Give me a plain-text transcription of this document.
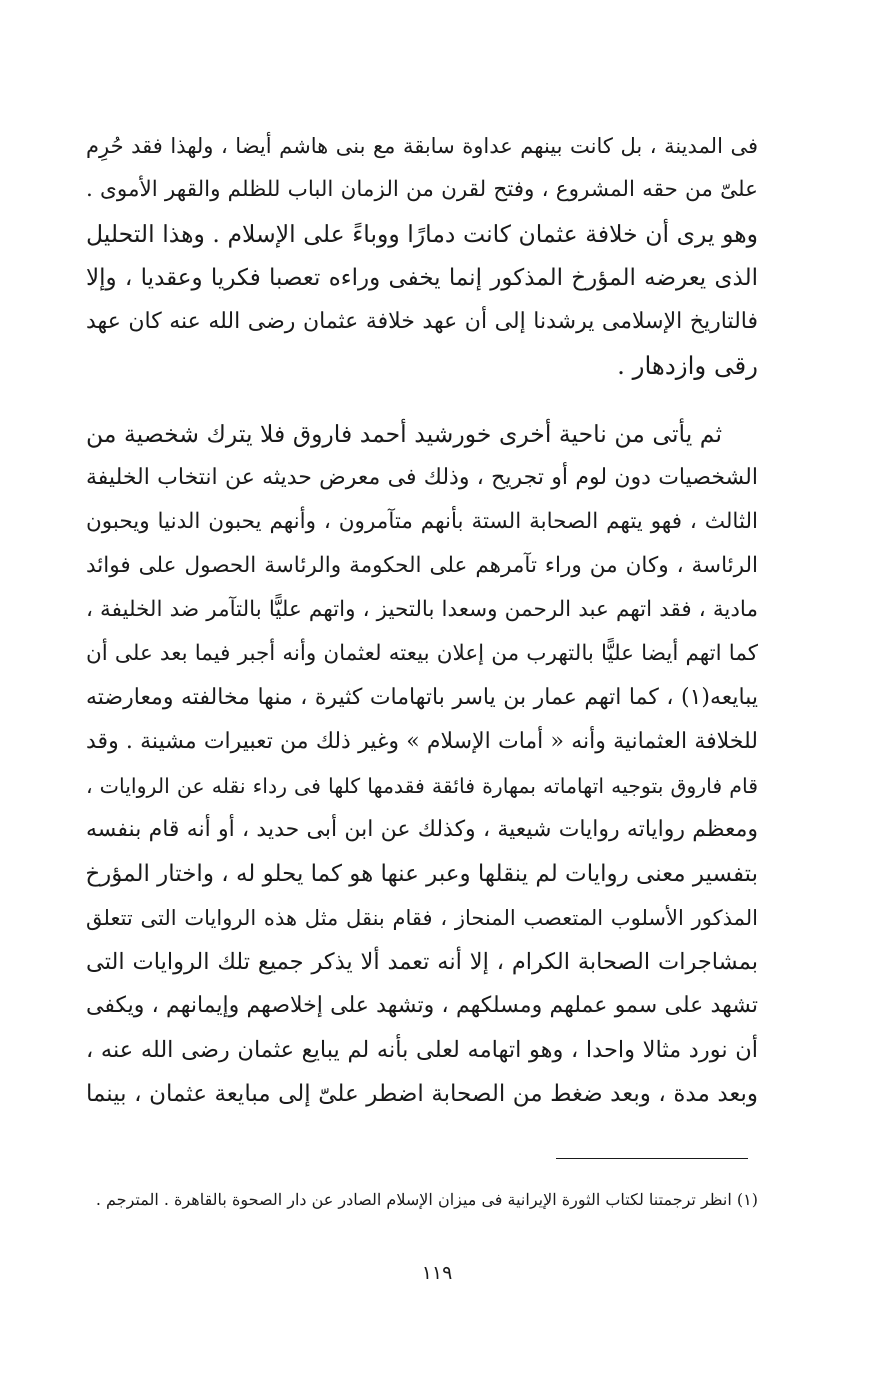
فى المدينة ، بل كانت بينهم عداوة سابقة مع بنى هاشم أيضا ، ولهذا فقد حُرِم
علىّ من حقه المشروع ، وفتح لقرن من الزمان الباب للظلم والقهر الأموى .
وهو يرى أن خلافة عثمان كانت دمارًا ووباءً على الإسلام . وهذا التحليل
الذى يعرضه المؤرخ المذكور إنما يخفى وراءه تعصبا فكريا وعقديا ، وإلا
فالتاريخ الإسلامى يرشدنا إلى أن عهد خلافة عثمان رضى الله عنه كان عهد
رقى وازدهار .
ثم يأتى من ناحية أخرى خورشيد أحمد فاروق فلا يترك شخصية من
الشخصيات دون لوم أو تجريح ، وذلك فى معرض حديثه عن انتخاب الخليفة
الثالث ، فهو يتهم الصحابة الستة بأنهم متآمرون ، وأنهم يحبون الدنيا ويحبون
الرئاسة ، وكان من وراء تآمرهم على الحكومة والرئاسة الحصول على فوائد
مادية ، فقد اتهم عبد الرحمن وسعدا بالتحيز ، واتهم عليًّا بالتآمر ضد الخليفة ،
كما اتهم أيضا عليًّا بالتهرب من إعلان بيعته لعثمان وأنه أجبر فيما بعد على أن
يبايعه(١) ، كما اتهم عمار بن ياسر باتهامات كثيرة ، منها مخالفته ومعارضته
للخلافة العثمانية وأنه « أمات الإسلام » وغير ذلك من تعبيرات مشينة . وقد
قام فاروق بتوجيه اتهاماته بمهارة فائقة فقدمها كلها فى رداء نقله عن الروايات ،
ومعظم رواياته روايات شيعية ، وكذلك عن ابن أبى حديد ، أو أنه قام بنفسه
بتفسير معنى روايات لم ينقلها وعبر عنها هو كما يحلو له ، واختار المؤرخ
المذكور الأسلوب المتعصب المنحاز ، فقام بنقل مثل هذه الروايات التى تتعلق
بمشاجرات الصحابة الكرام ، إلا أنه تعمد ألا يذكر جميع تلك الروايات التى
تشهد على سمو عملهم ومسلكهم ، وتشهد على إخلاصهم وإيمانهم ، ويكفى
أن نورد مثالا واحدا ، وهو اتهامه لعلى بأنه لم يبايع عثمان رضى الله عنه ،
وبعد مدة ، وبعد ضغط من الصحابة اضطر علىّ إلى مبايعة عثمان ، بينما
(١) انظر ترجمتنا لكتاب الثورة الإيرانية فى ميزان الإسلام الصادر عن دار الصحوة بالقاهرة . المترجم .
١١٩
